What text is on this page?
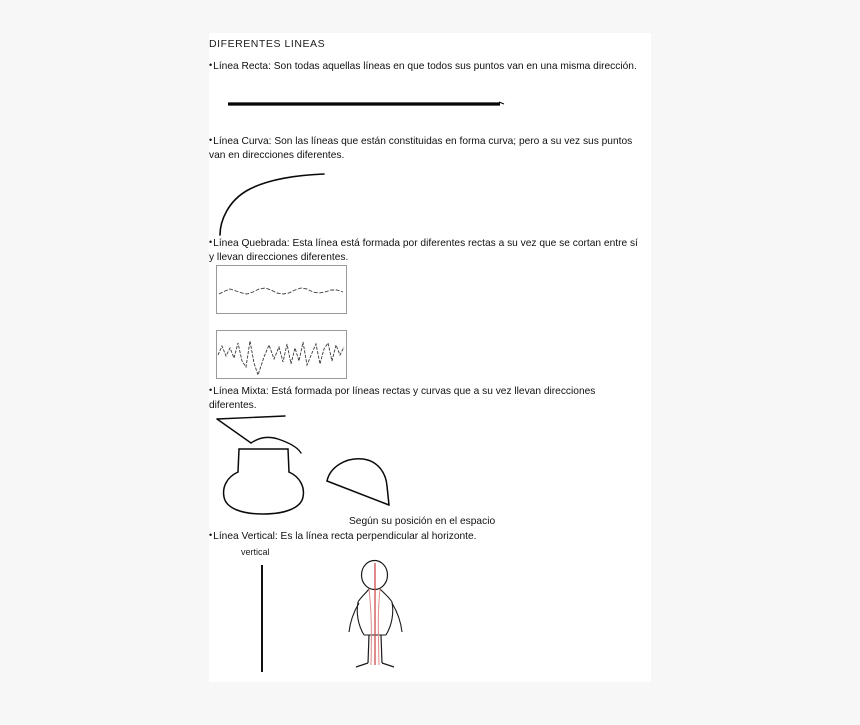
DIFERENTES LINEAS
•Línea Recta: Son todas aquellas líneas en que todos sus puntos van en una misma dirección.
•Línea Curva: Son las líneas que están constituidas en forma curva; pero a su vez sus puntos van en direcciones diferentes.
•Línea Quebrada: Esta línea está formada por diferentes rectas a su vez que se cortan entre sí y llevan direcciones diferentes.
•Línea Mixta: Está formada por líneas rectas y curvas que a su vez llevan direcciones diferentes.
Según su posición en el espacio
•Línea Vertical: Es la línea recta perpendicular al horizonte.
vertical
